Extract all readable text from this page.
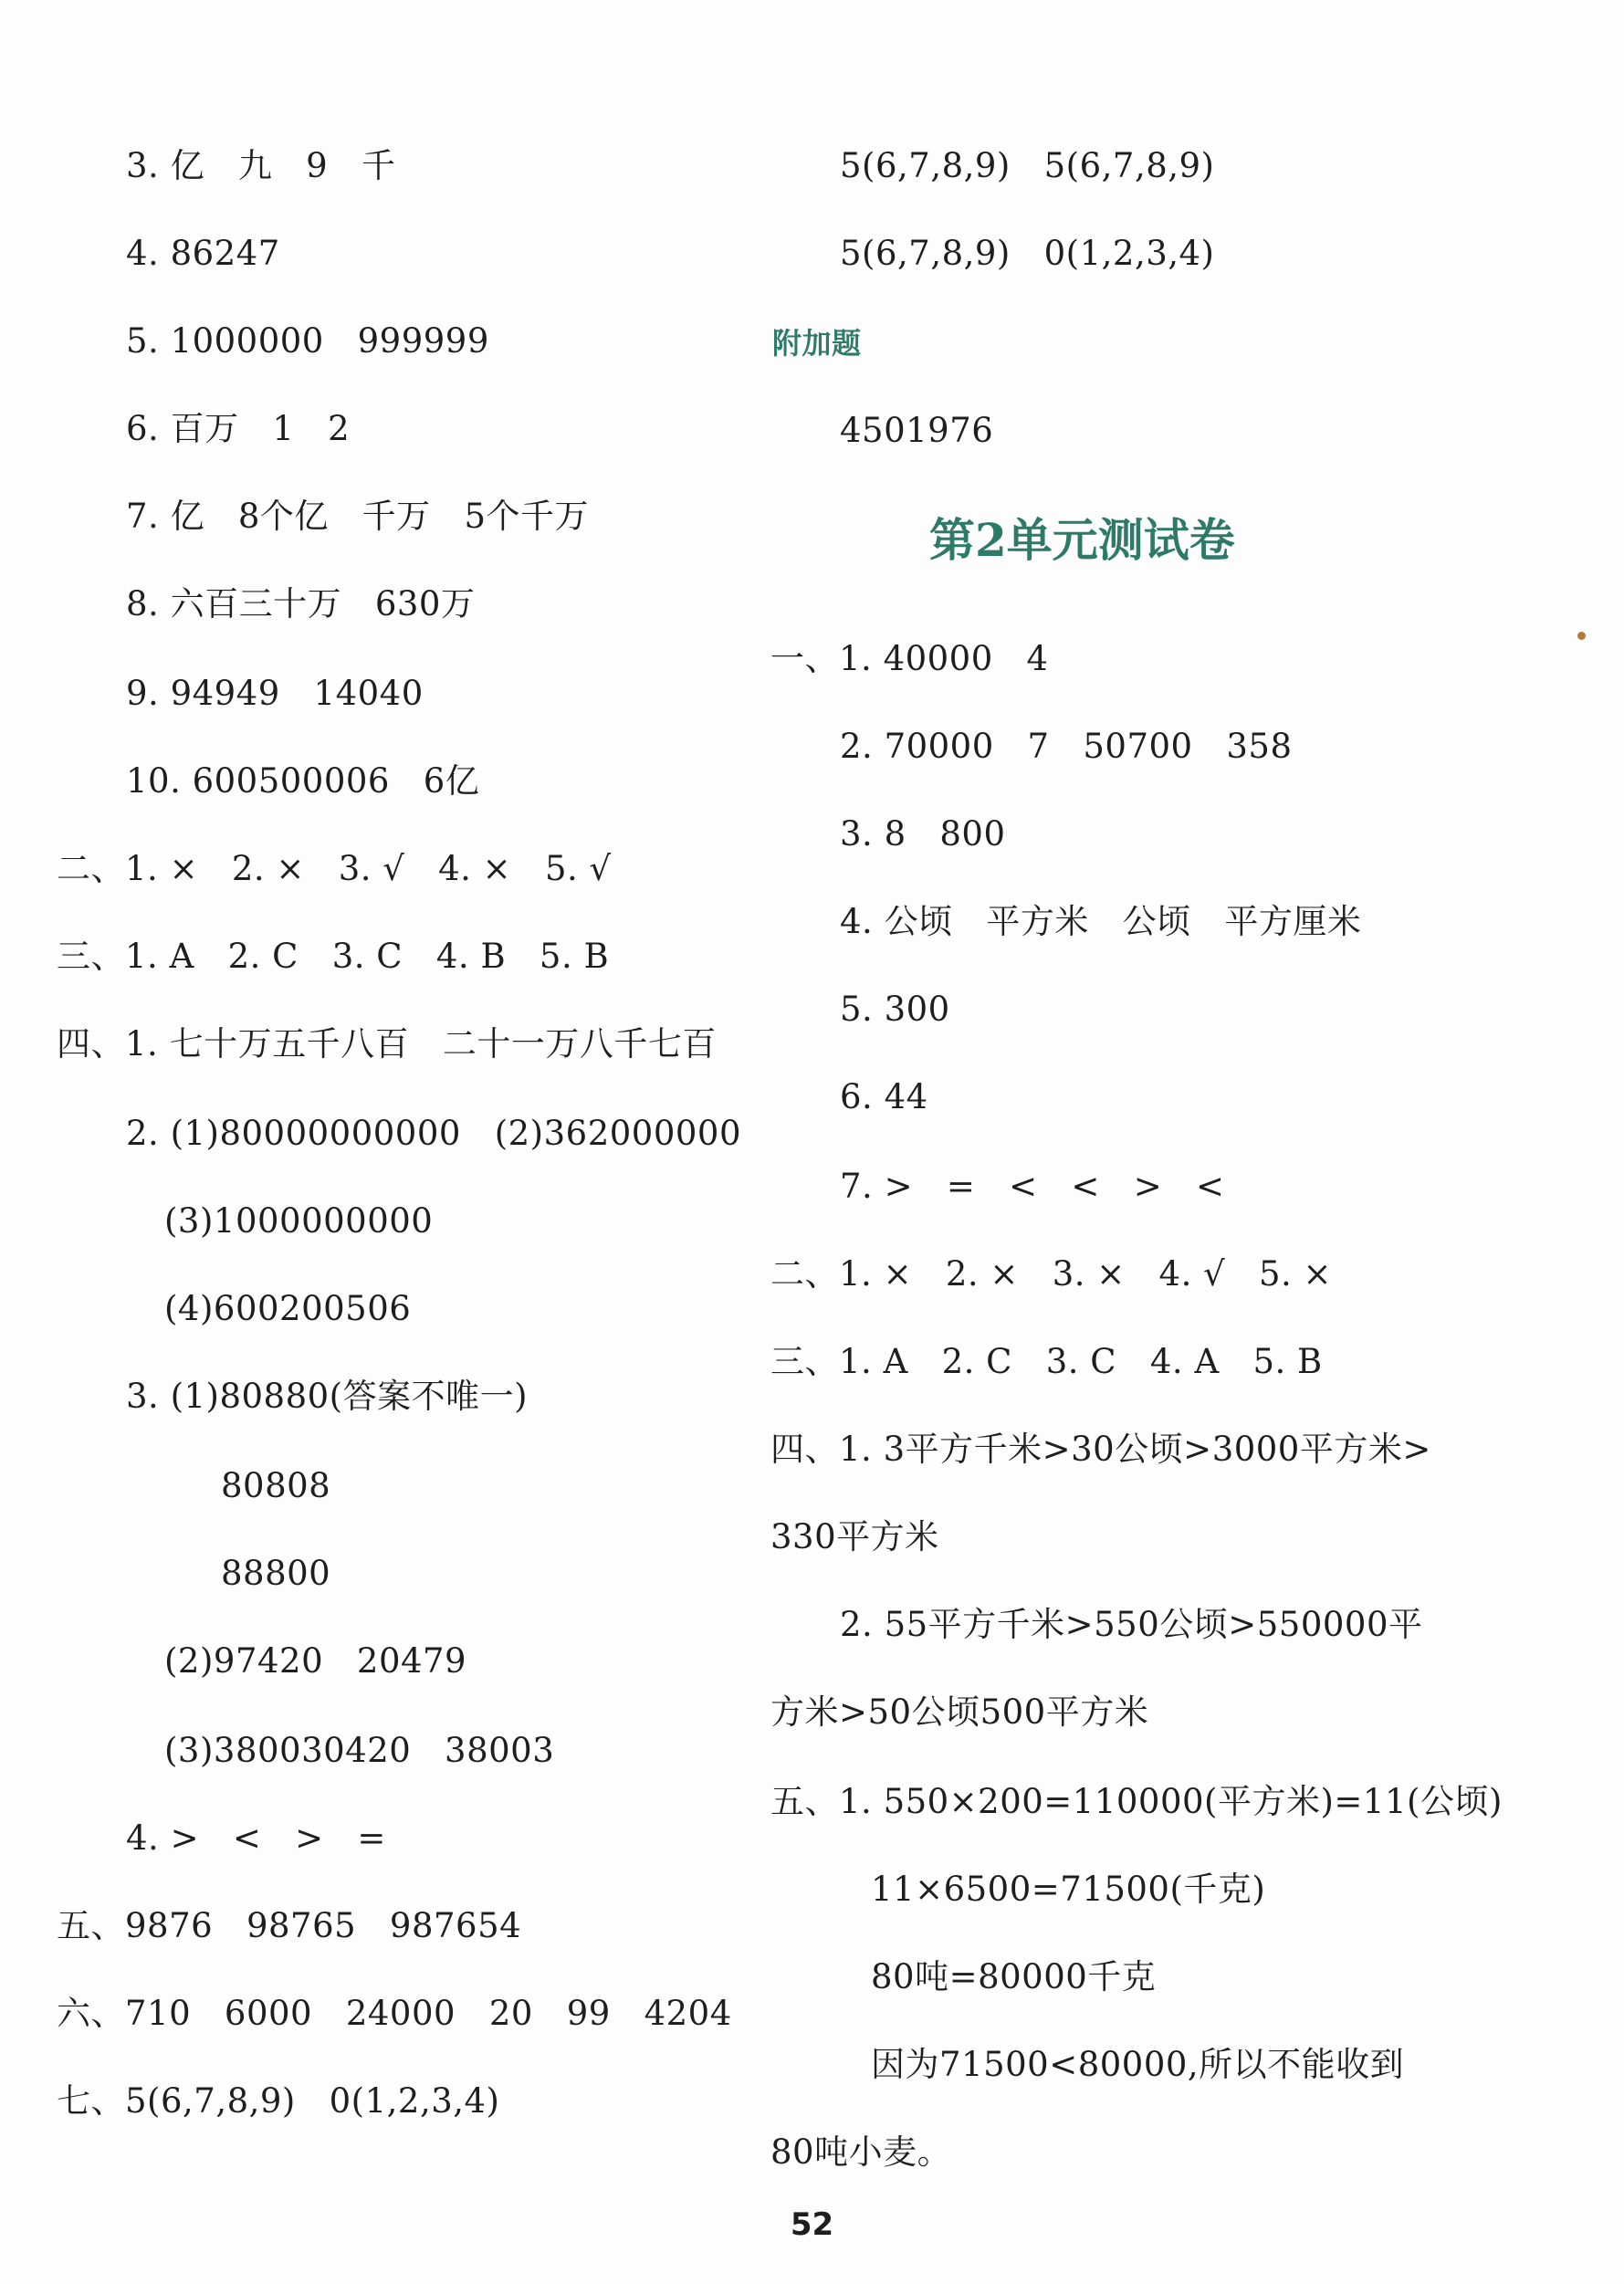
3. 亿   九   9   千
4. 86247
5. 1000000   999999
6. 百万   1   2
7. 亿   8个亿   千万   5个千万
8. 六百三十万   630万
9. 94949   14040
10. 600500006   6亿
二、1. ×   2. ×   3. √   4. ×   5. √
三、1. A   2. C   3. C   4. B   5. B
四、1. 七十万五千八百   二十一万八千七百
2. (1)80000000000   (2)362000000
(3)1000000000
(4)600200506
3. (1)80880(答案不唯一)
80808
88800
(2)97420   20479
(3)380030420   38003
4. >   <   >   =
五、9876   98765   987654
六、710   6000   24000   20   99   4204
七、5(6,7,8,9)   0(1,2,3,4)
5(6,7,8,9)   5(6,7,8,9)
5(6,7,8,9)   0(1,2,3,4)
附加题
4501976
第2单元测试卷
一、1. 40000   4
2. 70000   7   50700   358
3. 8   800
4. 公顷   平方米   公顷   平方厘米
5. 300
6. 44
7. >   =   <   <   >   <
二、1. ×   2. ×   3. ×   4. √   5. ×
三、1. A   2. C   3. C   4. A   5. B
四、1. 3平方千米>30公顷>3000平方米>
330平方米
2. 55平方千米>550公顷>550000平
方米>50公顷500平方米
五、1. 550×200=110000(平方米)=11(公顷)
11×6500=71500(千克)
80吨=80000千克
因为71500<80000,所以不能收到
80吨小麦。
52
